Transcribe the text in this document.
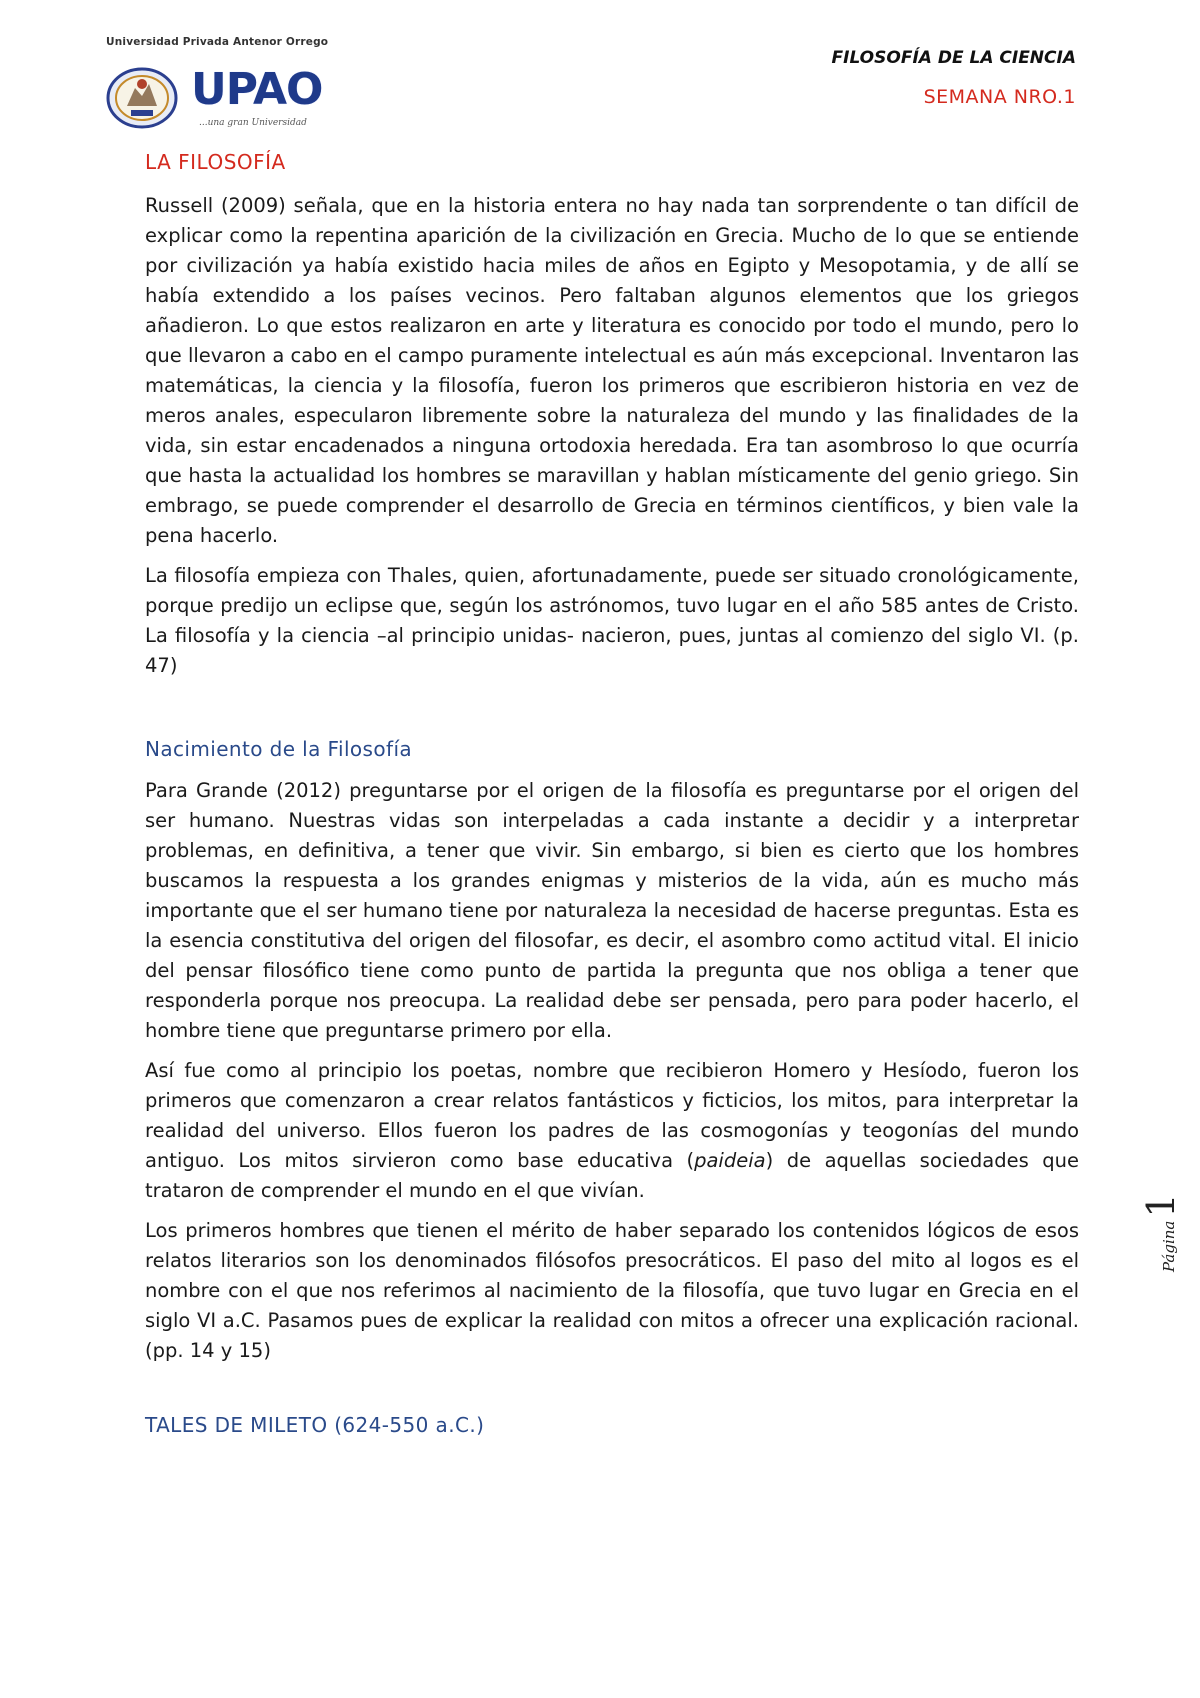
Universidad Privada Antenor Orrego
UPAO
...una gran Universidad
FILOSOFÍA DE LA CIENCIA
SEMANA NRO.1
Página
1
LA FILOSOFÍA

Russell (2009) señala, que en la historia entera no hay nada tan sorprendente o tan difícil de explicar como la repentina aparición de la civilización en Grecia. Mucho de lo que se entiende por civilización ya había existido hacia miles de años en Egipto y Mesopotamia, y de allí se había extendido a los países vecinos. Pero faltaban algunos elementos que los griegos añadieron. Lo que estos realizaron en arte y literatura es conocido por todo el mundo, pero lo que llevaron a cabo en el campo puramente intelectual es aún más excepcional. Inventaron las matemáticas, la ciencia y la filosofía, fueron los primeros que escribieron historia en vez de meros anales, especularon libremente sobre la naturaleza del mundo y las finalidades de la vida, sin estar encadenados a ninguna ortodoxia heredada. Era tan asombroso lo que ocurría que hasta la actualidad los hombres se maravillan y hablan místicamente del genio griego. Sin embrago, se puede comprender el desarrollo de Grecia en términos científicos, y bien vale la pena hacerlo.

La filosofía empieza con Thales, quien, afortunadamente, puede ser situado cronológicamente, porque predijo un eclipse que, según los astrónomos, tuvo lugar en el año 585 antes de Cristo. La filosofía y la ciencia –al principio unidas- nacieron, pues, juntas al comienzo del siglo VI. (p. 47)

Nacimiento de la Filosofía

Para Grande (2012) preguntarse por el origen de la filosofía es preguntarse por el origen del ser humano. Nuestras vidas son interpeladas a cada instante a decidir y a interpretar problemas, en definitiva, a tener que vivir. Sin embargo, si bien es cierto que los hombres buscamos la respuesta a los grandes enigmas y misterios de la vida, aún es mucho más importante que el ser humano tiene por naturaleza la necesidad de hacerse preguntas. Esta es la esencia constitutiva del origen del filosofar, es decir, el asombro como actitud vital. El inicio del pensar filosófico tiene como punto de partida la pregunta que nos obliga a tener que responderla porque nos preocupa. La realidad debe ser pensada, pero para poder hacerlo, el hombre tiene que preguntarse primero por ella.

Así fue como al principio los poetas, nombre que recibieron Homero y Hesíodo, fueron los primeros que comenzaron a crear relatos fantásticos y ficticios, los mitos, para interpretar la realidad del universo. Ellos fueron los padres de las cosmogonías y teogonías del mundo antiguo. Los mitos sirvieron como base educativa (paideia) de aquellas sociedades que trataron de comprender el mundo en el que vivían.

Los primeros hombres que tienen el mérito de haber separado los contenidos lógicos de esos relatos literarios son los denominados filósofos presocráticos. El paso del mito al logos es el nombre con el que nos referimos al nacimiento de la filosofía, que tuvo lugar en Grecia en el siglo VI a.C. Pasamos pues de explicar la realidad con mitos a ofrecer una explicación racional. (pp. 14 y 15)

TALES DE MILETO (624-550 a.C.)
